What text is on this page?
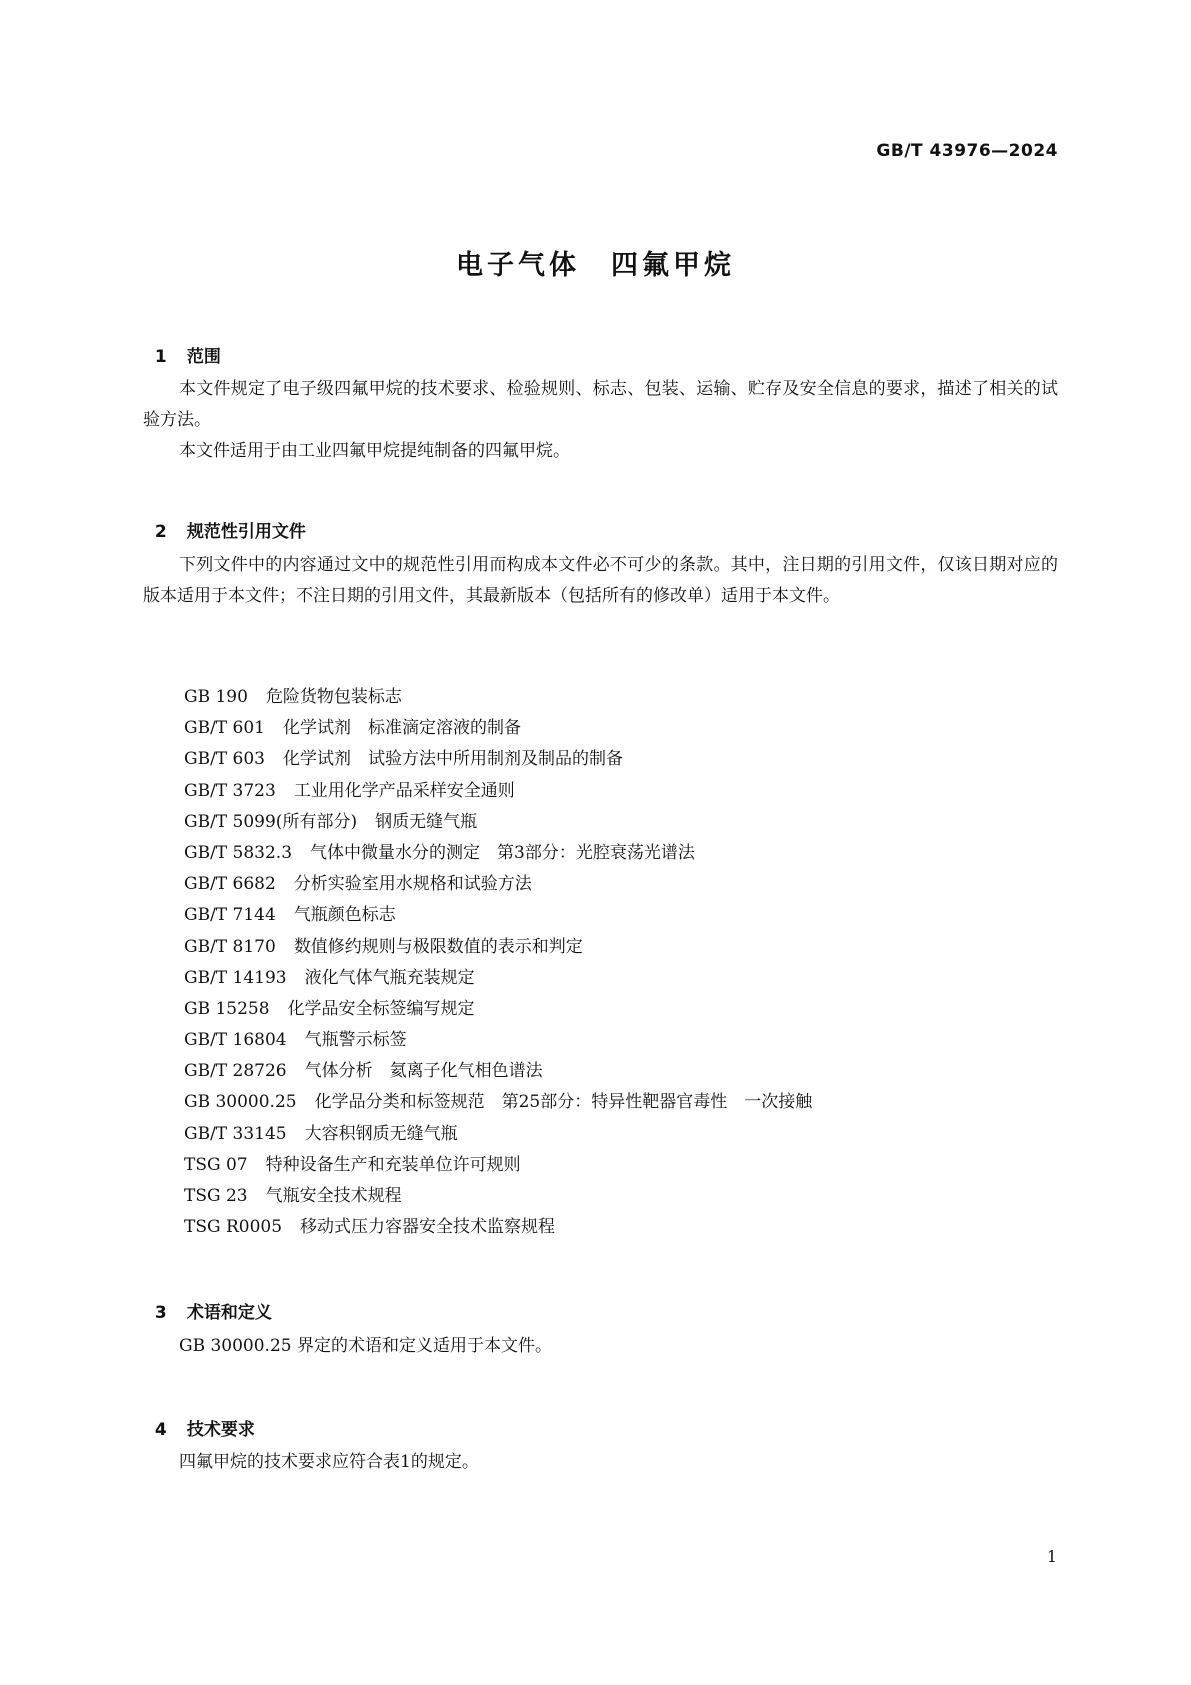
GB/T 43976—2024
电子气体　四氟甲烷

1 范围

本文件规定了电子级四氟甲烷的技术要求、检验规则、标志、包装、运输、贮存及安全信息的要求，描述了相关的试验方法。

本文件适用于由工业四氟甲烷提纯制备的四氟甲烷。

2 规范性引用文件

下列文件中的内容通过文中的规范性引用而构成本文件必不可少的条款。其中，注日期的引用文件，仅该日期对应的版本适用于本文件；不注日期的引用文件，其最新版本（包括所有的修改单）适用于本文件。

GB 190 危险货物包装标志
GB/T 601 化学试剂　标准滴定溶液的制备
GB/T 603 化学试剂　试验方法中所用制剂及制品的制备
GB/T 3723 工业用化学产品采样安全通则
GB/T 5099(所有部分) 钢质无缝气瓶
GB/T 5832.3 气体中微量水分的测定　第3部分：光腔衰荡光谱法
GB/T 6682 分析实验室用水规格和试验方法
GB/T 7144 气瓶颜色标志
GB/T 8170 数值修约规则与极限数值的表示和判定
GB/T 14193 液化气体气瓶充装规定
GB 15258 化学品安全标签编写规定
GB/T 16804 气瓶警示标签
GB/T 28726 气体分析　氦离子化气相色谱法
GB 30000.25 化学品分类和标签规范　第25部分：特异性靶器官毒性　一次接触
GB/T 33145 大容积钢质无缝气瓶
TSG 07 特种设备生产和充装单位许可规则
TSG 23 气瓶安全技术规程
TSG R0005 移动式压力容器安全技术监察规程

3 术语和定义

GB 30000.25 界定的术语和定义适用于本文件。

4 技术要求

四氟甲烷的技术要求应符合表1的规定。

1
